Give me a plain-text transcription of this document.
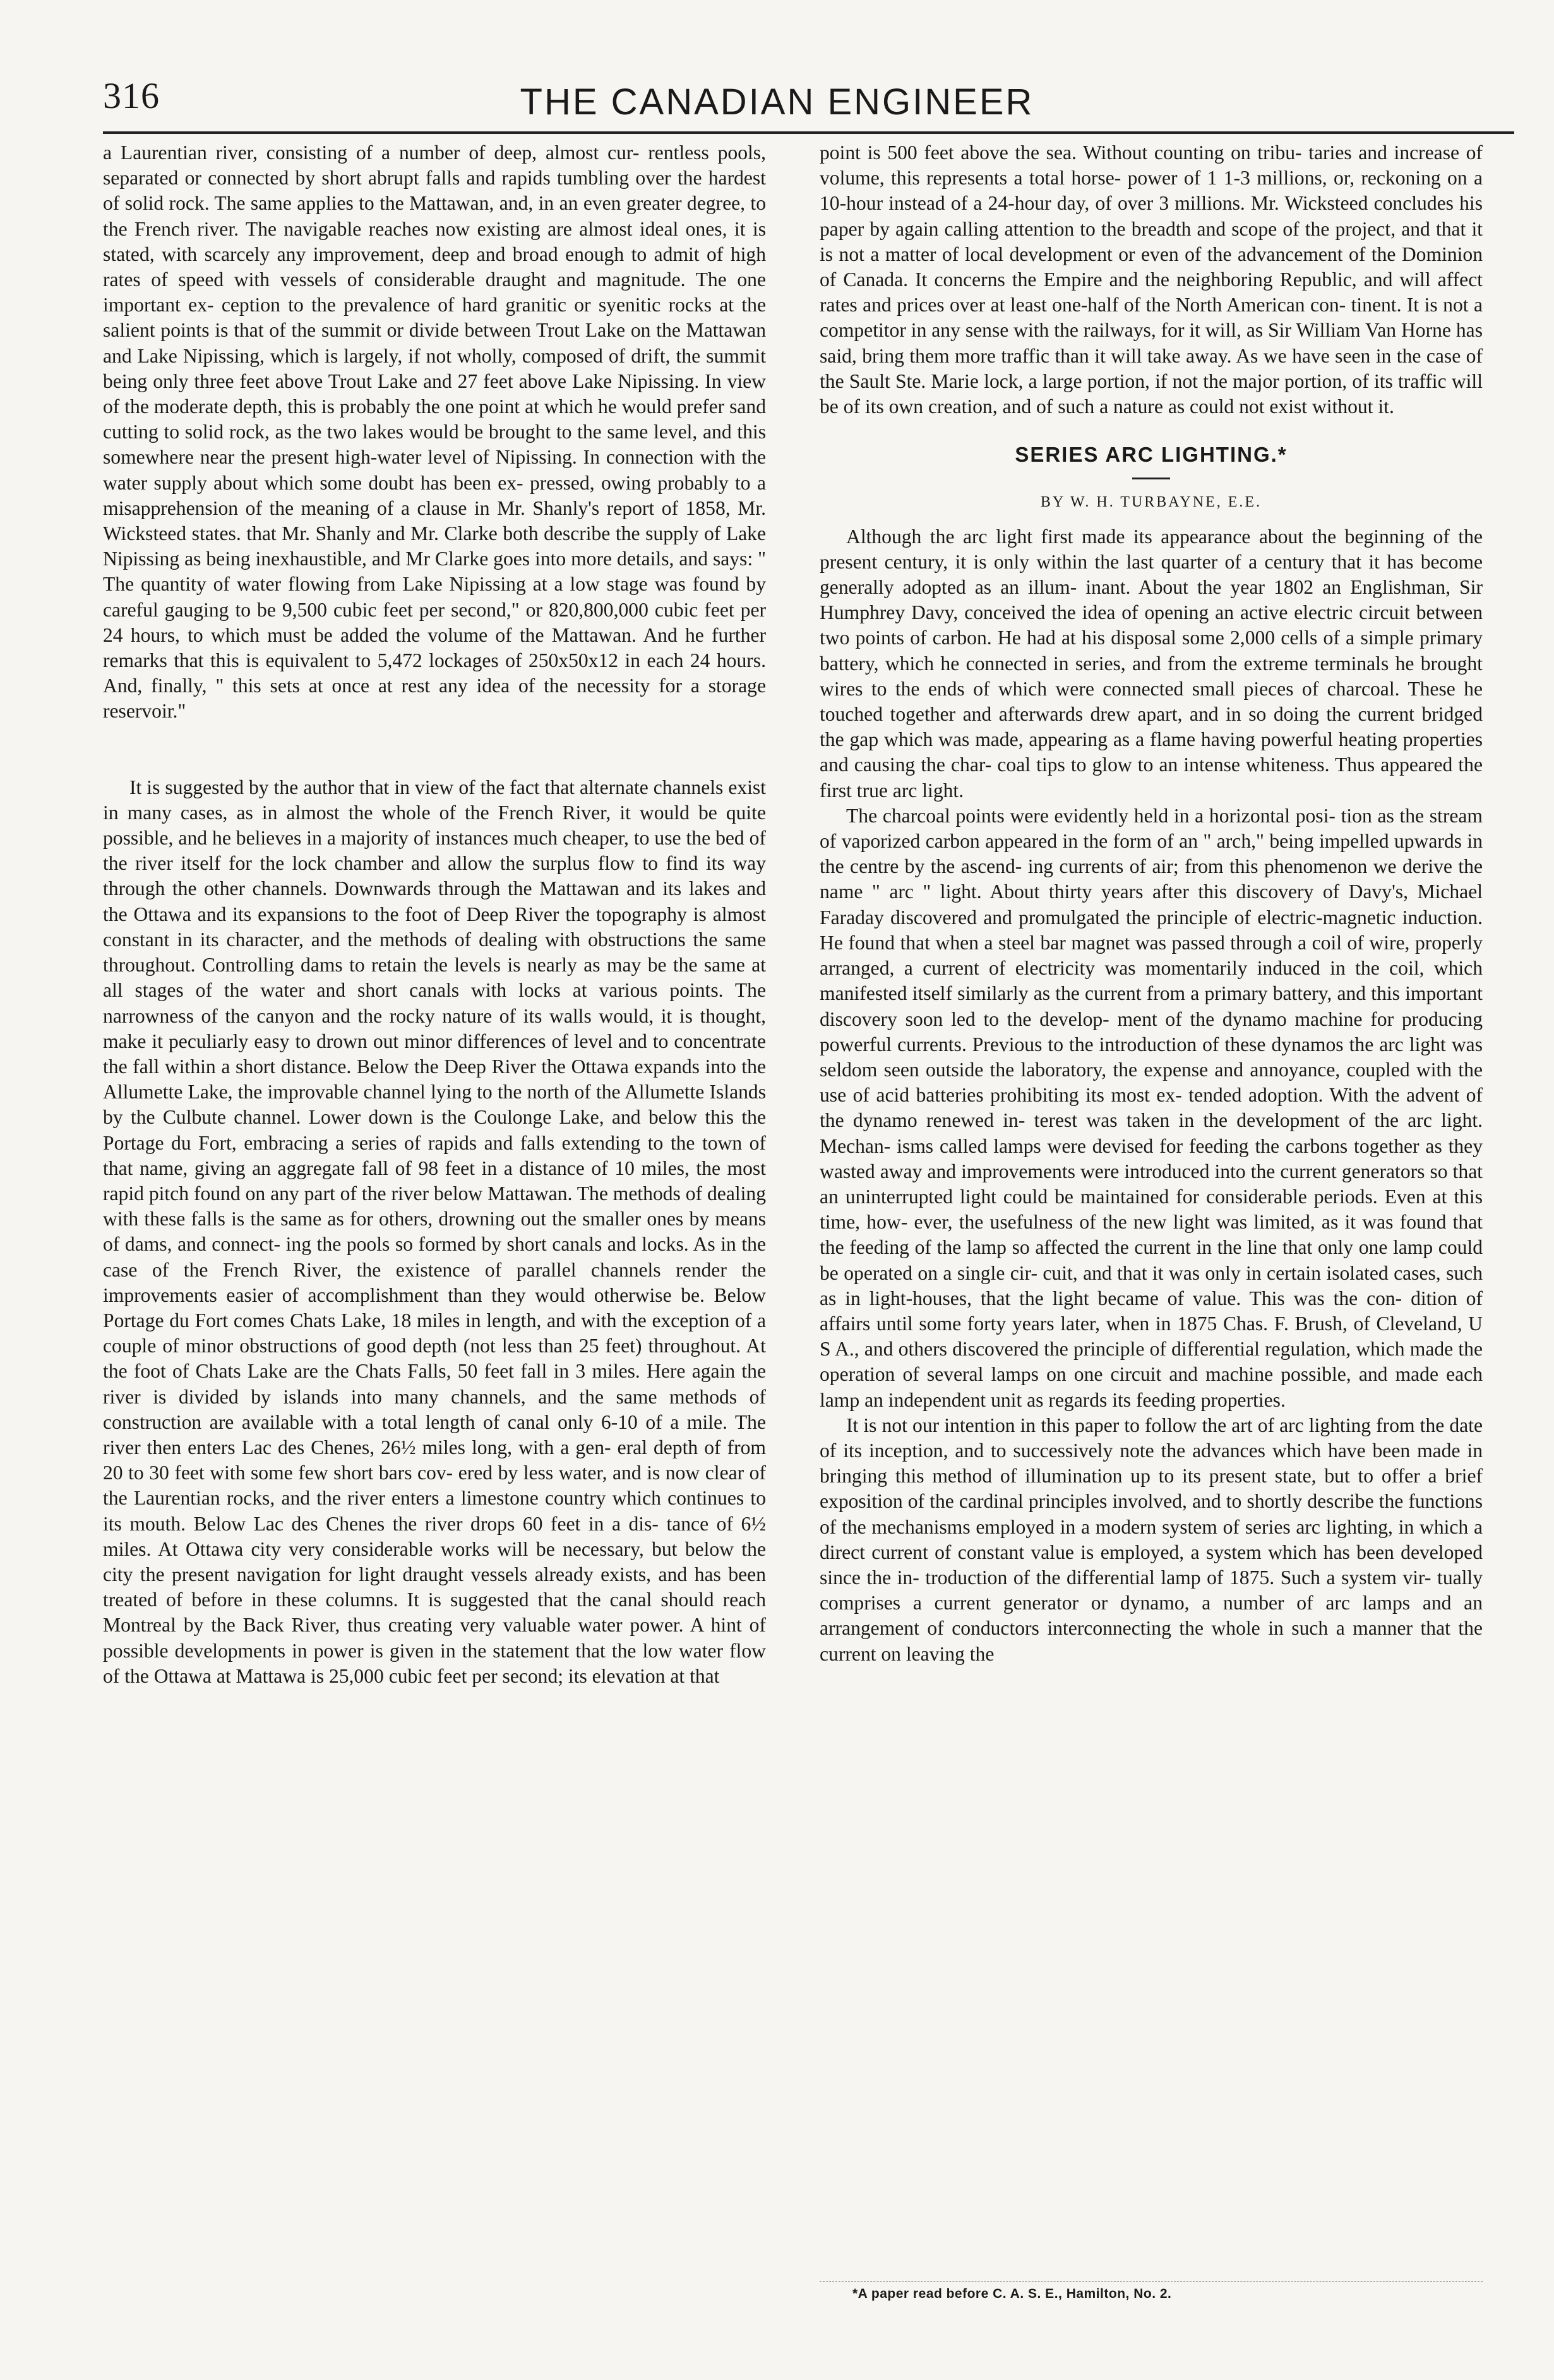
316	THE CANADIAN ENGINEER

a Laurentian river, consisting of a number of deep, almost cur- rentless pools, separated or connected by short abrupt falls and rapids tumbling over the hardest of solid rock. The same applies to the Mattawan, and, in an even greater degree, to the French river. The navigable reaches now existing are almost ideal ones, it is stated, with scarcely any improvement, deep and broad enough to admit of high rates of speed with vessels of considerable draught and magnitude. The one important ex- ception to the prevalence of hard granitic or syenitic rocks at the salient points is that of the summit or divide between Trout Lake on the Mattawan and Lake Nipissing, which is largely, if not wholly, composed of drift, the summit being only three feet above Trout Lake and 27 feet above Lake Nipissing. In view of the moderate depth, this is probably the one point at which he would prefer sand cutting to solid rock, as the two lakes would be brought to the same level, and this somewhere near the present high-water level of Nipissing. In connection with the water supply about which some doubt has been ex- pressed, owing probably to a misapprehension of the meaning of a clause in Mr. Shanly's report of 1858, Mr. Wicksteed states. that Mr. Shanly and Mr. Clarke both describe the supply of Lake Nipissing as being inexhaustible, and Mr Clarke goes into more details, and says: " The quantity of water flowing from Lake Nipissing at a low stage was found by careful gauging to be 9,500 cubic feet per second," or 820,800,000 cubic feet per 24 hours, to which must be added the volume of the Mattawan. And he further remarks that this is equivalent to 5,472 lockages of 250x50x12 in each 24 hours. And, finally, " this sets at once at rest any idea of the necessity for a storage reservoir."

It is suggested by the author that in view of the fact that alternate channels exist in many cases, as in almost the whole of the French River, it would be quite possible, and he believes in a majority of instances much cheaper, to use the bed of the river itself for the lock chamber and allow the surplus flow to find its way through the other channels. Downwards through the Mattawan and its lakes and the Ottawa and its expansions to the foot of Deep River the topography is almost constant in its character, and the methods of dealing with obstructions the same throughout. Controlling dams to retain the levels is nearly as may be the same at all stages of the water and short canals with locks at various points. The narrowness of the canyon and the rocky nature of its walls would, it is thought, make it peculiarly easy to drown out minor differences of level and to concentrate the fall within a short distance. Below the Deep River the Ottawa expands into the Allumette Lake, the improvable channel lying to the north of the Allumette Islands by the Culbute channel. Lower down is the Coulonge Lake, and below this the Portage du Fort, embracing a series of rapids and falls extending to the town of that name, giving an aggregate fall of 98 feet in a distance of 10 miles, the most rapid pitch found on any part of the river below Mattawan. The methods of dealing with these falls is the same as for others, drowning out the smaller ones by means of dams, and connect- ing the pools so formed by short canals and locks. As in the case of the French River, the existence of parallel channels render the improvements easier of accomplishment than they would otherwise be. Below Portage du Fort comes Chats Lake, 18 miles in length, and with the exception of a couple of minor obstructions of good depth (not less than 25 feet) throughout. At the foot of Chats Lake are the Chats Falls, 50 feet fall in 3 miles. Here again the river is divided by islands into many channels, and the same methods of construction are available with a total length of canal only 6-10 of a mile. The river then enters Lac des Chenes, 26½ miles long, with a gen- eral depth of from 20 to 30 feet with some few short bars cov- ered by less water, and is now clear of the Laurentian rocks, and the river enters a limestone country which continues to its mouth. Below Lac des Chenes the river drops 60 feet in a dis- tance of 6½ miles. At Ottawa city very considerable works will be necessary, but below the city the present navigation for light draught vessels already exists, and has been treated of before in these columns. It is suggested that the canal should reach Montreal by the Back River, thus creating very valuable water power. A hint of possible developments in power is given in the statement that the low water flow of the Ottawa at Mattawa is 25,000 cubic feet per second; its elevation at that

point is 500 feet above the sea. Without counting on tribu- taries and increase of volume, this represents a total horse- power of 1 1-3 millions, or, reckoning on a 10-hour instead of a 24-hour day, of over 3 millions. Mr. Wicksteed concludes his paper by again calling attention to the breadth and scope of the project, and that it is not a matter of local development or even of the advancement of the Dominion of Canada. It concerns the Empire and the neighboring Republic, and will affect rates and prices over at least one-half of the North American con- tinent. It is not a competitor in any sense with the railways, for it will, as Sir William Van Horne has said, bring them more traffic than it will take away. As we have seen in the case of the Sault Ste. Marie lock, a large portion, if not the major portion, of its traffic will be of its own creation, and of such a nature as could not exist without it.

SERIES ARC LIGHTING.*

BY W. H. TURBAYNE, E.E.

Although the arc light first made its appearance about the beginning of the present century, it is only within the last quarter of a century that it has become generally adopted as an illum- inant. About the year 1802 an Englishman, Sir Humphrey Davy, conceived the idea of opening an active electric circuit between two points of carbon. He had at his disposal some 2,000 cells of a simple primary battery, which he connected in series, and from the extreme terminals he brought wires to the ends of which were connected small pieces of charcoal. These he touched together and afterwards drew apart, and in so doing the current bridged the gap which was made, appearing as a flame having powerful heating properties and causing the char- coal tips to glow to an intense whiteness. Thus appeared the first true arc light.

The charcoal points were evidently held in a horizontal posi- tion as the stream of vaporized carbon appeared in the form of an " arch," being impelled upwards in the centre by the ascend- ing currents of air; from this phenomenon we derive the name " arc " light. About thirty years after this discovery of Davy's, Michael Faraday discovered and promulgated the principle of electric-magnetic induction. He found that when a steel bar magnet was passed through a coil of wire, properly arranged, a current of electricity was momentarily induced in the coil, which manifested itself similarly as the current from a primary battery, and this important discovery soon led to the develop- ment of the dynamo machine for producing powerful currents. Previous to the introduction of these dynamos the arc light was seldom seen outside the laboratory, the expense and annoyance, coupled with the use of acid batteries prohibiting its most ex- tended adoption. With the advent of the dynamo renewed in- terest was taken in the development of the arc light. Mechan- isms called lamps were devised for feeding the carbons together as they wasted away and improvements were introduced into the current generators so that an uninterrupted light could be maintained for considerable periods. Even at this time, how- ever, the usefulness of the new light was limited, as it was found that the feeding of the lamp so affected the current in the line that only one lamp could be operated on a single cir- cuit, and that it was only in certain isolated cases, such as in light-houses, that the light became of value. This was the con- dition of affairs until some forty years later, when in 1875 Chas. F. Brush, of Cleveland, U S A., and others discovered the principle of differential regulation, which made the operation of several lamps on one circuit and machine possible, and made each lamp an independent unit as regards its feeding properties.

It is not our intention in this paper to follow the art of arc lighting from the date of its inception, and to successively note the advances which have been made in bringing this method of illumination up to its present state, but to offer a brief exposition of the cardinal principles involved, and to shortly describe the functions of the mechanisms employed in a modern system of series arc lighting, in which a direct current of constant value is employed, a system which has been developed since the in- troduction of the differential lamp of 1875. Such a system vir- tually comprises a current generator or dynamo, a number of arc lamps and an arrangement of conductors interconnecting the whole in such a manner that the current on leaving the

*A paper read before C. A. S. E., Hamilton, No. 2.
